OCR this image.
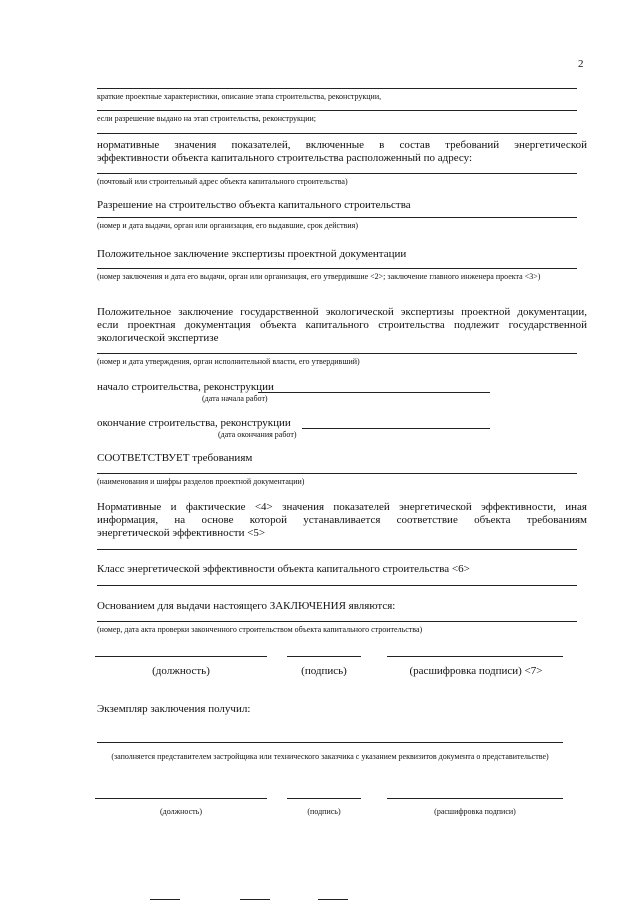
2
краткие проектные характеристики, описание этапа строительства, реконструкции,
если разрешение выдано на этап строительства, реконструкции;
нормативные значения показателей, включенные в состав требований энергетической
эффективности объекта капитального строительства расположенный по адресу:
(почтовый или строительный адрес объекта капитального строительства)
Разрешение на строительство объекта капитального строительства
(номер и дата выдачи, орган или организация, его выдавшие, срок действия)
Положительное заключение экспертизы проектной документации
(номер заключения и дата его выдачи, орган или организация, его утвердившие <2>; заключение главного инженера проекта <3>)
Положительное заключение государственной экологической экспертизы проектной документации,
если проектная документация объекта капитального строительства подлежит государственной
экологической экспертизе
(номер и дата утверждения, орган исполнительной власти, его утвердивший)
начало строительства, реконструкции
(дата начала работ)
окончание строительства, реконструкции
(дата окончания работ)
СООТВЕТСТВУЕТ требованиям
(наименования и шифры разделов проектной документации)
Нормативные и фактические <4> значения показателей энергетической эффективности, иная
информация, на основе которой устанавливается соответствие объекта требованиям
энергетической эффективности <5>
Класс энергетической эффективности объекта капитального строительства <6>
Основанием для выдачи настоящего ЗАКЛЮЧЕНИЯ являются:
(номер, дата акта проверки законченного строительством объекта капитального строительства)
(должность)	(подпись)	(расшифровка подписи) <7>
Экземпляр заключения получил:
(заполняется представителем застройщика или технического заказчика с указанием реквизитов документа о представительстве)
(должность)	(подпись)	(расшифровка подписи)
